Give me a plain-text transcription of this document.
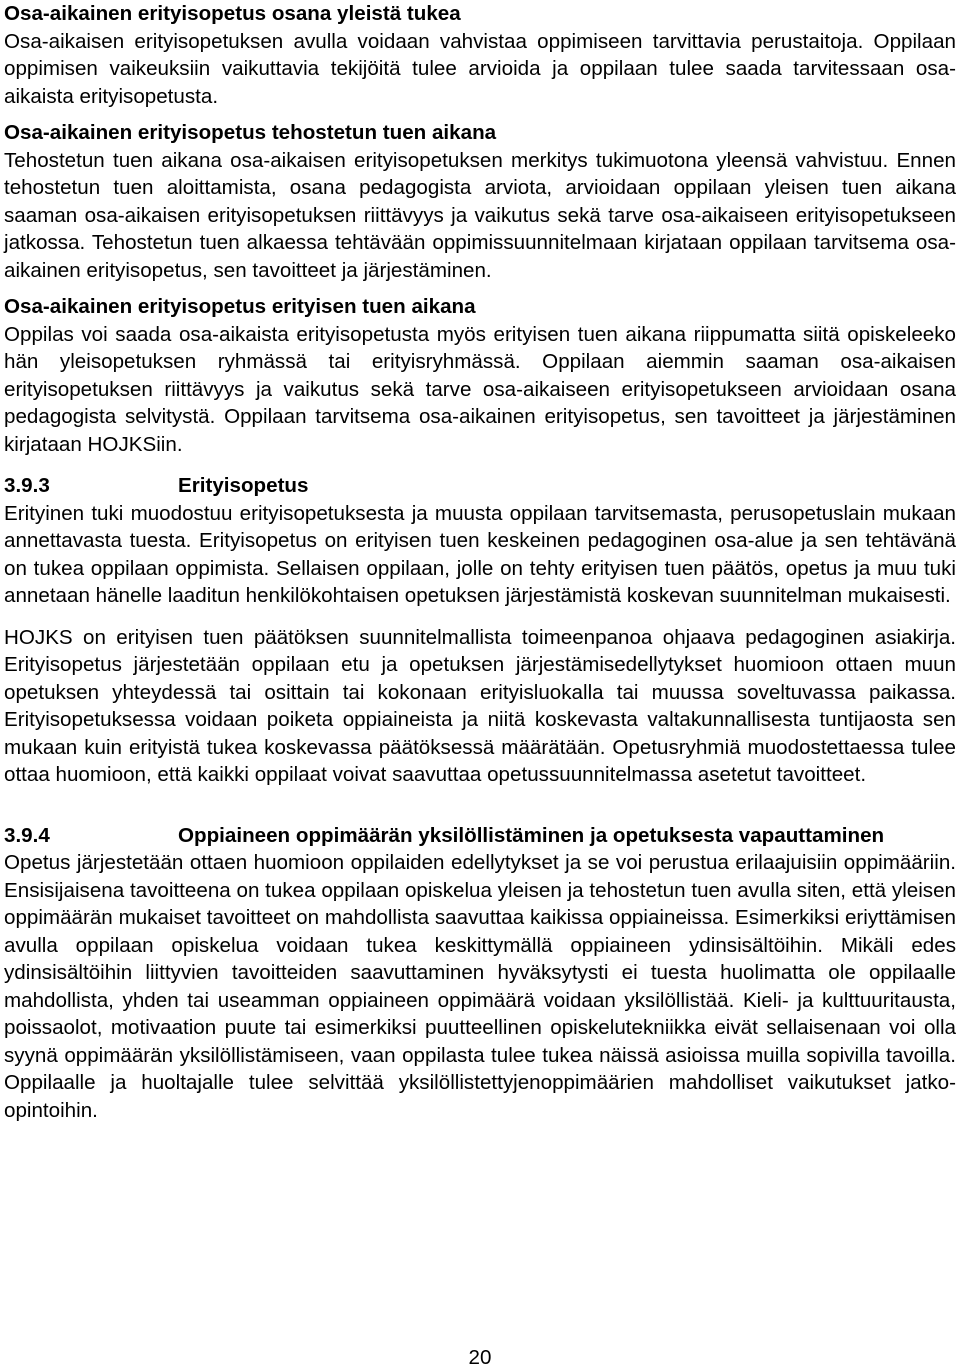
Osa-aikainen erityisopetus osana yleistä tukea
Osa-aikaisen erityisopetuksen avulla voidaan vahvistaa oppimiseen tarvittavia perustaitoja. Oppilaan oppimisen vaikeuksiin vaikuttavia tekijöitä tulee arvioida ja oppilaan tulee saada tarvitessaan osa-aikaista erityisopetusta.
Osa-aikainen erityisopetus tehostetun tuen aikana
Tehostetun tuen aikana osa-aikaisen erityisopetuksen merkitys tukimuotona yleensä vahvistuu. Ennen tehostetun tuen aloittamista, osana pedagogista arviota, arvioidaan oppilaan yleisen tuen aikana saaman osa-aikaisen erityisopetuksen riittävyys ja vaikutus sekä tarve osa-aikaiseen erityisopetukseen jatkossa. Tehostetun tuen alkaessa tehtävään oppimissuunnitelmaan kirjataan oppilaan tarvitsema osa-aikainen erityisopetus, sen tavoitteet ja järjestäminen.
Osa-aikainen erityisopetus erityisen tuen aikana
Oppilas voi saada osa-aikaista erityisopetusta myös erityisen tuen aikana riippumatta siitä opiskeleeko hän yleisopetuksen ryhmässä tai erityisryhmässä. Oppilaan aiemmin saaman osa-aikaisen erityisopetuksen riittävyys ja vaikutus sekä tarve osa-aikaiseen erityisopetukseen arvioidaan osana pedagogista selvitystä. Oppilaan tarvitsema osa-aikainen erityisopetus, sen tavoitteet ja järjestäminen kirjataan HOJKSiin.
3.9.3	Erityisopetus

Erityinen tuki muodostuu erityisopetuksesta ja muusta oppilaan tarvitsemasta, perusopetuslain mukaan annettavasta tuesta. Erityisopetus on erityisen tuen keskeinen pedagoginen osa-alue ja sen tehtävänä on tukea oppilaan oppimista. Sellaisen oppilaan, jolle on tehty erityisen tuen päätös, opetus ja muu tuki annetaan hänelle laaditun henkilökohtaisen opetuksen järjestämistä koskevan suunnitelman mukaisesti.

HOJKS on erityisen tuen päätöksen suunnitelmallista toimeenpanoa ohjaava pedagoginen asiakirja. Erityisopetus järjestetään oppilaan etu ja opetuksen järjestämisedellytykset huomioon ottaen muun opetuksen yhteydessä tai osittain tai kokonaan erityisluokalla tai muussa soveltuvassa paikassa. Erityisopetuksessa voidaan poiketa oppiaineista ja niitä koskevasta valtakunnallisesta tuntijaosta sen mukaan kuin erityistä tukea koskevassa päätöksessä määrätään. Opetusryhmiä muodostettaessa tulee ottaa huomioon, että kaikki oppilaat voivat saavuttaa opetussuunnitelmassa asetetut tavoitteet.

3.9.4	Oppiaineen oppimäärän yksilöllistäminen ja opetuksesta vapauttaminen

Opetus järjestetään ottaen huomioon oppilaiden edellytykset ja se voi perustua erilaajuisiin oppimääriin. Ensisijaisena tavoitteena on tukea oppilaan opiskelua yleisen ja tehostetun tuen avulla siten, että yleisen oppimäärän mukaiset tavoitteet on mahdollista saavuttaa kaikissa oppiaineissa. Esimerkiksi eriyttämisen avulla oppilaan opiskelua voidaan tukea keskittymällä oppiaineen ydinsisältöihin. Mikäli edes ydinsisältöihin liittyvien tavoitteiden saavuttaminen hyväksytysti ei tuesta huolimatta ole oppilaalle mahdollista, yhden tai useamman oppiaineen oppimäärä voidaan yksilöllistää. Kieli- ja kulttuuritausta, poissaolot, motivaation puute tai esimerkiksi puutteellinen opiskelutekniikka eivät sellaisenaan voi olla syynä oppimäärän yksilöllistämiseen, vaan oppilasta tulee tukea näissä asioissa muilla sopivilla tavoilla. Oppilaalle ja huoltajalle tulee selvittää yksilöllistettyjenoppimäärien mahdolliset vaikutukset jatko-opintoihin.

20
